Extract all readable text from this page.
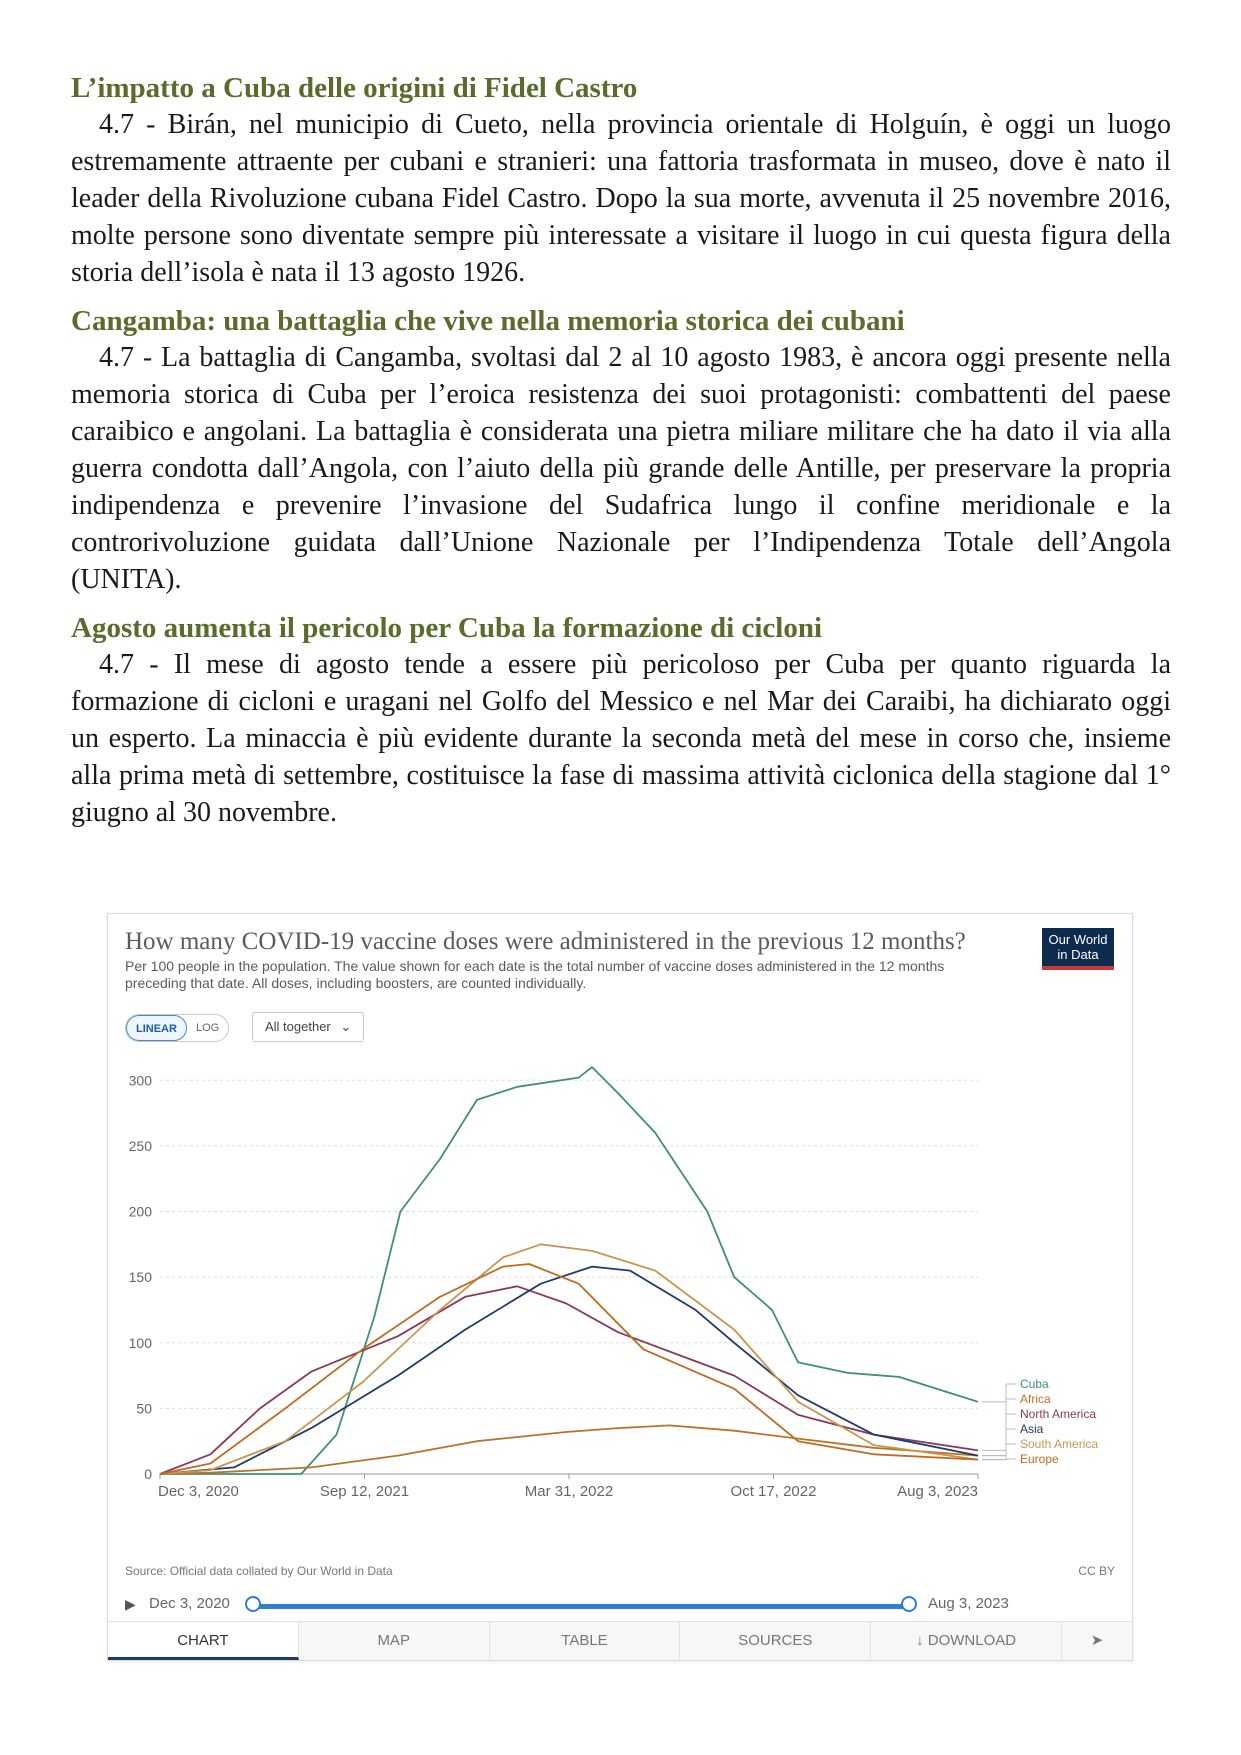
L’impatto a Cuba delle origini di Fidel Castro

4.7 - Birán, nel municipio di Cueto, nella provincia orientale di Holguín, è oggi un luogo estremamente attraente per cubani e stranieri: una fattoria trasformata in museo, dove è nato il leader della Rivoluzione cubana Fidel Castro. Dopo la sua morte, avvenuta il 25 novembre 2016, molte persone sono diventate sempre più interessate a visitare il luogo in cui questa figura della storia dell’isola è nata il 13 agosto 1926.

Cangamba: una battaglia che vive nella memoria storica dei cubani

4.7 - La battaglia di Cangamba, svoltasi dal 2 al 10 agosto 1983, è ancora oggi presente nella memoria storica di Cuba per l’eroica resistenza dei suoi protagonisti: combattenti del paese caraibico e angolani. La battaglia è considerata una pietra miliare militare che ha dato il via alla guerra condotta dall’Angola, con l’aiuto della più grande delle Antille, per preservare la propria indipendenza e prevenire l’invasione del Sudafrica lungo il confine meridionale e la controrivoluzione guidata dall’Unione Nazionale per l’Indipendenza Totale dell’Angola (UNITA).

Agosto aumenta il pericolo per Cuba la formazione di cicloni

4.7 - Il mese di agosto tende a essere più pericoloso per Cuba per quanto riguarda la formazione di cicloni e uragani nel Golfo del Messico e nel Mar dei Caraibi, ha dichiarato oggi un esperto. La minaccia è più evidente durante la seconda metà del mese in corso che, insieme alla prima metà di settembre, costituisce la fase di massima attività ciclonica della stagione dal 1° giugno al 30 novembre.

How many COVID-19 vaccine doses were administered in the previous 12 months?
Per 100 people in the population. The value shown for each date is the total number of vaccine doses administered in the 12 months preceding that date. All doses, including boosters, are counted individually.
Our World
in Data
LINEAR	LOG	All together ⌄
0
50
100
150
200
250
300
Dec 3, 2020	Sep 12, 2021	Mar 31, 2022	Oct 17, 2022	Aug 3, 2023
Cuba
Africa
North America
Asia
South America
Europe
Source: Official data collated by Our World in Data	CC BY
▶ Dec 3, 2020	Aug 3, 2023
CHART	MAP	TABLE	SOURCES	↓ DOWNLOAD	➤
